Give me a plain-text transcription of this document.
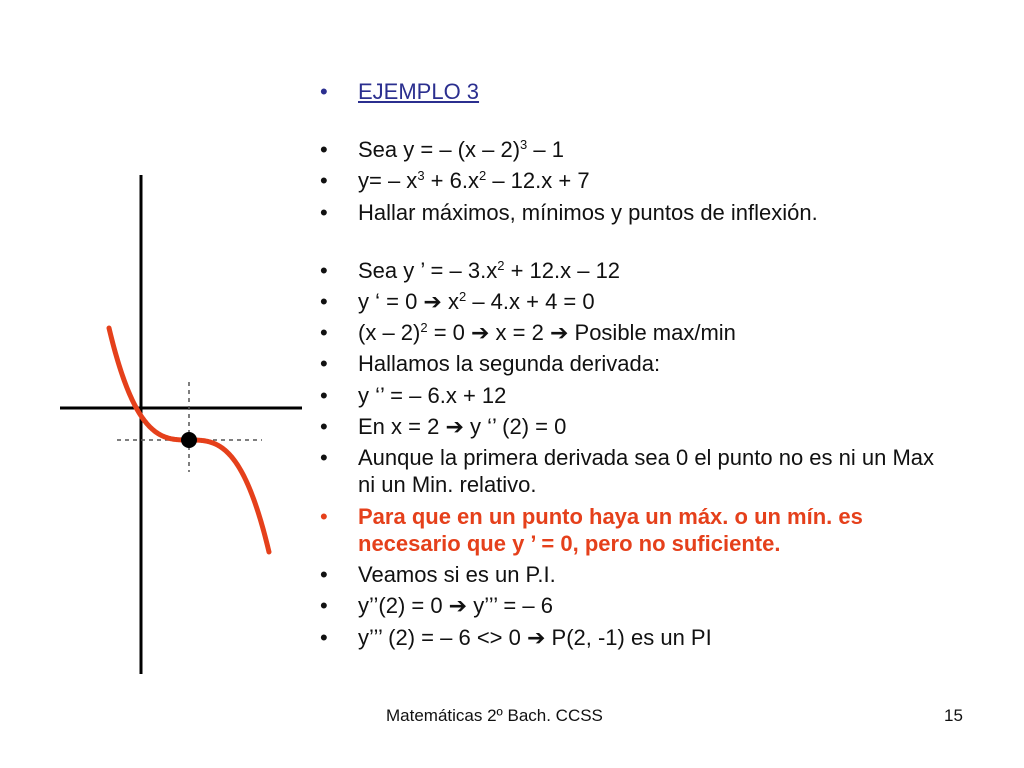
• EJEMPLO 3
• Sea y = – (x – 2)$^3$ – 1
• $y= - x^3 + 6.x^2 - 12.x + 7$
• Hallar máximos, mínimos y puntos de inflexión.
• Sea y ’ = – $3.x^2 + 12.x - 12$
• y ‘ = 0 ➔ $x^2 - 4.x + 4 = 0$
• (x – 2)$^2$ = 0 ➔ x = 2 ➔ Posible max/min
• Hallamos la segunda derivada:
• y ‘’ = – 6.x + 12
• En x = 2 ➔ y ‘’ (2) = 0
• Aunque la primera derivada sea 0 el punto no es ni un Max ni un Min. relativo.
• Para que en un punto haya un máx. o un mín. es necesario que y ’ = 0, pero no suficiente.
• Veamos si es un P.I.
• y’’(2) = 0 ➔ y’’’ = – 6
• y’’’ (2) = – 6 <> 0 ➔ P(2, -1) es un PI
Matemáticas 2º Bach. CCSS	15
